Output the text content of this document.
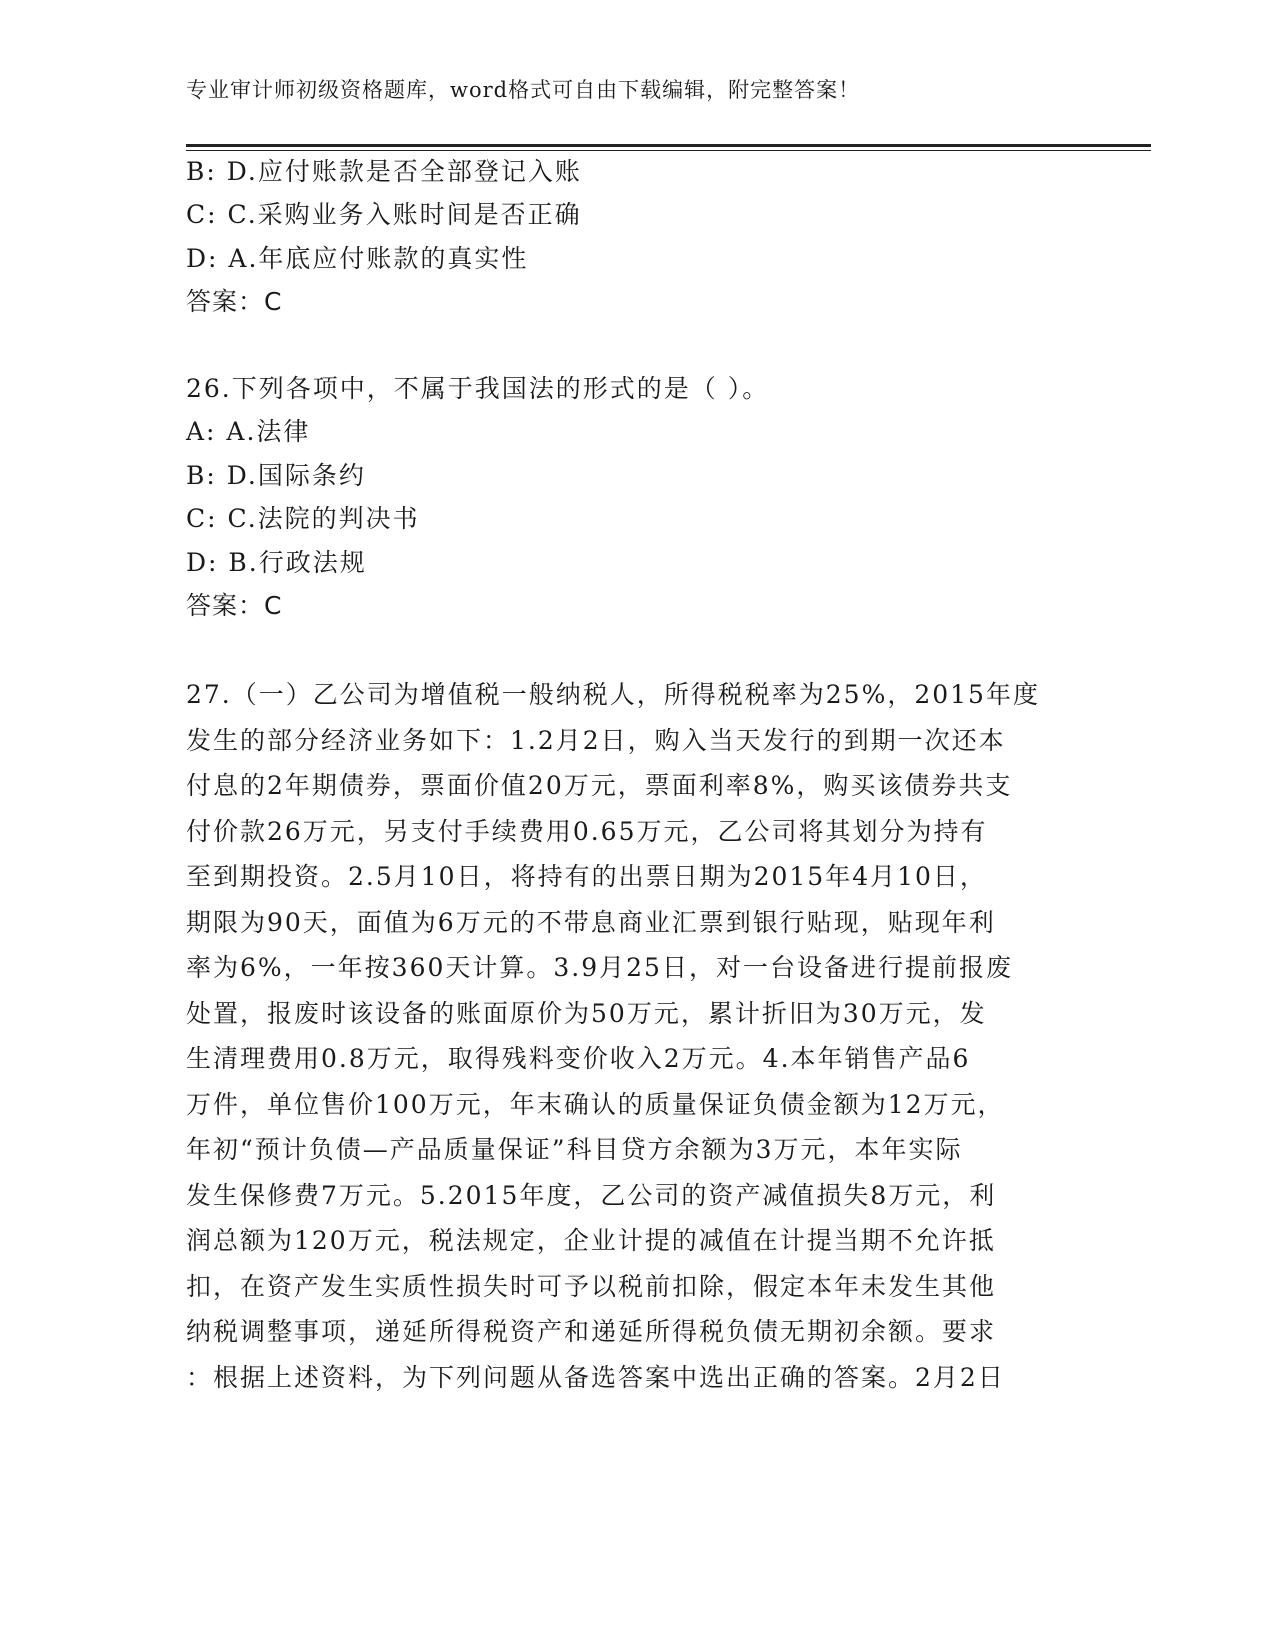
专业审计师初级资格题库，word格式可自由下载编辑，附完整答案！
B: D.应付账款是否全部登记入账
C: C.采购业务入账时间是否正确
D: A.年底应付账款的真实性
答案：C
26.下列各项中，不属于我国法的形式的是（ ）。
A: A.法律
B: D.国际条约
C: C.法院的判决书
D: B.行政法规
答案：C
27.（一）乙公司为增值税一般纳税人，所得税税率为25%，2015年度
发生的部分经济业务如下：1.2月2日，购入当天发行的到期一次还本
付息的2年期债券，票面价值20万元，票面利率8%，购买该债券共支
付价款26万元，另支付手续费用0.65万元，乙公司将其划分为持有
至到期投资。2.5月10日，将持有的出票日期为2015年4月10日，
期限为90天，面值为6万元的不带息商业汇票到银行贴现，贴现年利
率为6%，一年按360天计算。3.9月25日，对一台设备进行提前报废
处置，报废时该设备的账面原价为50万元，累计折旧为30万元，发
生清理费用0.8万元，取得残料变价收入2万元。4.本年销售产品6
万件，单位售价100万元，年末确认的质量保证负债金额为12万元，
年初“预计负债—产品质量保证”科目贷方余额为3万元，本年实际
发生保修费7万元。5.2015年度，乙公司的资产减值损失8万元，利
润总额为120万元，税法规定，企业计提的减值在计提当期不允许抵
扣，在资产发生实质性损失时可予以税前扣除，假定本年未发生其他
纳税调整事项，递延所得税资产和递延所得税负债无期初余额。要求
：根据上述资料，为下列问题从备选答案中选出正确的答案。2月2日
